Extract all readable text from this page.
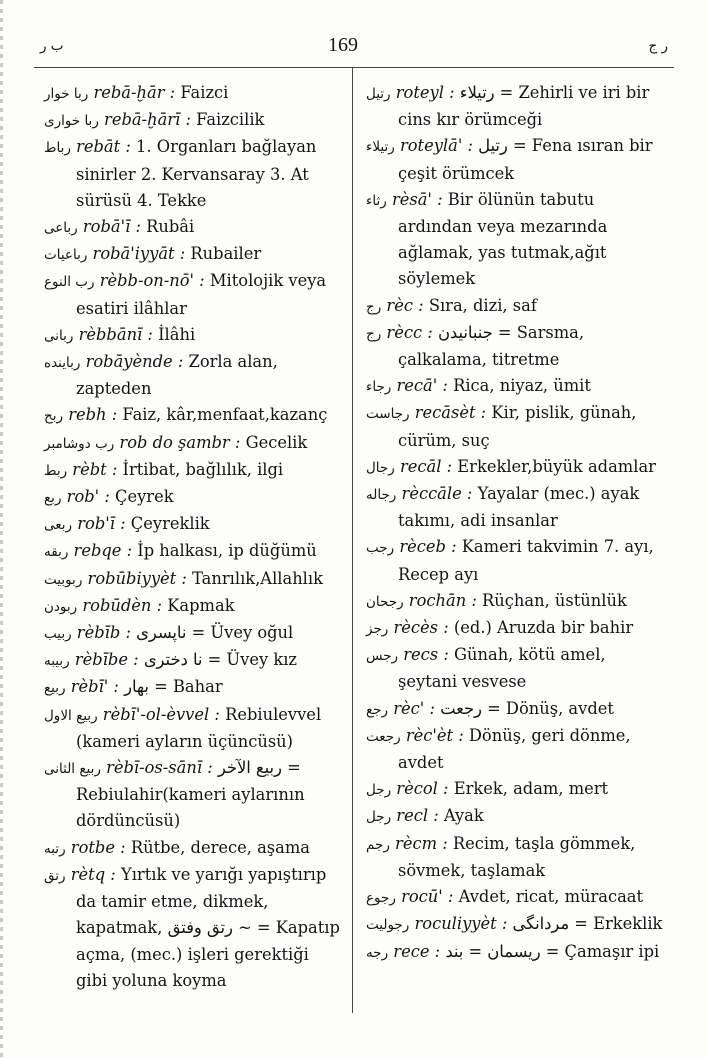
ب ر	169	ر ج
ربا خوار rebā-ḫār : Faizci
ربا خوارى rebā-ḫārī : Faizcilik
رباط rebāt : 1. Organları bağlayan sinirler 2. Kervansaray 3. At sürüsü 4. Tekke
رباعى robā'ī : Rubâi
رباعيات robā'iyyāt : Rubailer
رب النوع rèbb-on-nō' : Mitolojik veya esatiri ilâhlar
ربانى rèbbānī : İlâhi
ربايندە robāyènde : Zorla alan, zapteden
ربح rebh : Faiz, kâr,menfaat,kazanç
رب دوشامبر rob do şambr : Gecelik
ربط rèbt : İrtibat, bağlılık, ilgi
ربع rob' : Çeyrek
ربعى rob'ī : Çeyreklik
ربقە rebqe : İp halkası, ip düğümü
ربوبيت robūbiyyèt : Tanrılık,Allahlık
ربودن robūdèn : Kapmak
ربيب rèbīb : ناپسرى = Üvey oğul
ربيبە rèbībe : نا دخترى = Üvey kız
ربيع rèbī' : بهار = Bahar
ربيع الاول rèbī'-ol-èvvel : Rebiulevvel (kameri ayların üçüncüsü)
ربيع الثانى rèbī-os-sānī : ربيع الآخر = Rebiulahir(kameri aylarının dördüncüsü)
رتبە rotbe : Rütbe, derece, aşama
رتق rètq : Yırtık ve yarığı yapıştırıp da tamir etme, dikmek, kapatmak, رتق وفتق ~ = Kapatıp açma, (mec.) işleri gerektiği gibi yoluna koyma
رتيل roteyl : رتيلاء = Zehirli ve iri bir cins kır örümceği
رتيلاء roteylā' : رتيل = Fena ısıran bir çeşit örümcek
رثاء rèsā' : Bir ölünün tabutu ardından veya mezarında ağlamak, yas tutmak,ağıt söylemek
رج rèc : Sıra, dizi, saf
رج rècc : جنبانيدن = Sarsma, çalkalama, titretme
رجاء recā' : Rica, niyaz, ümit
رجاست recāsèt : Kir, pislik, günah, cürüm, suç
رجال recāl : Erkekler,büyük adamlar
رجالە rèccāle : Yayalar (mec.) ayak takımı, adi insanlar
رجب rèceb : Kameri takvimin 7. ayı, Recep ayı
رجحان rochān : Rüçhan, üstünlük
رجز rècès : (ed.) Aruzda bir bahir
رجس recs : Günah, kötü amel, şeytani vesvese
رجع rèc' : رجعت = Dönüş, avdet
رجعت rèc'èt : Dönüş, geri dönme, avdet
رجل rècol : Erkek, adam, mert
رجل recl : Ayak
رجم rècm : Recim, taşla gömmek, sövmek, taşlamak
رجوع rocū' : Avdet, ricat, müracaat
رجوليت roculiyyèt : مردانگى = Erkeklik
رجە rece : ريسمان = بند = Çamaşır ipi
